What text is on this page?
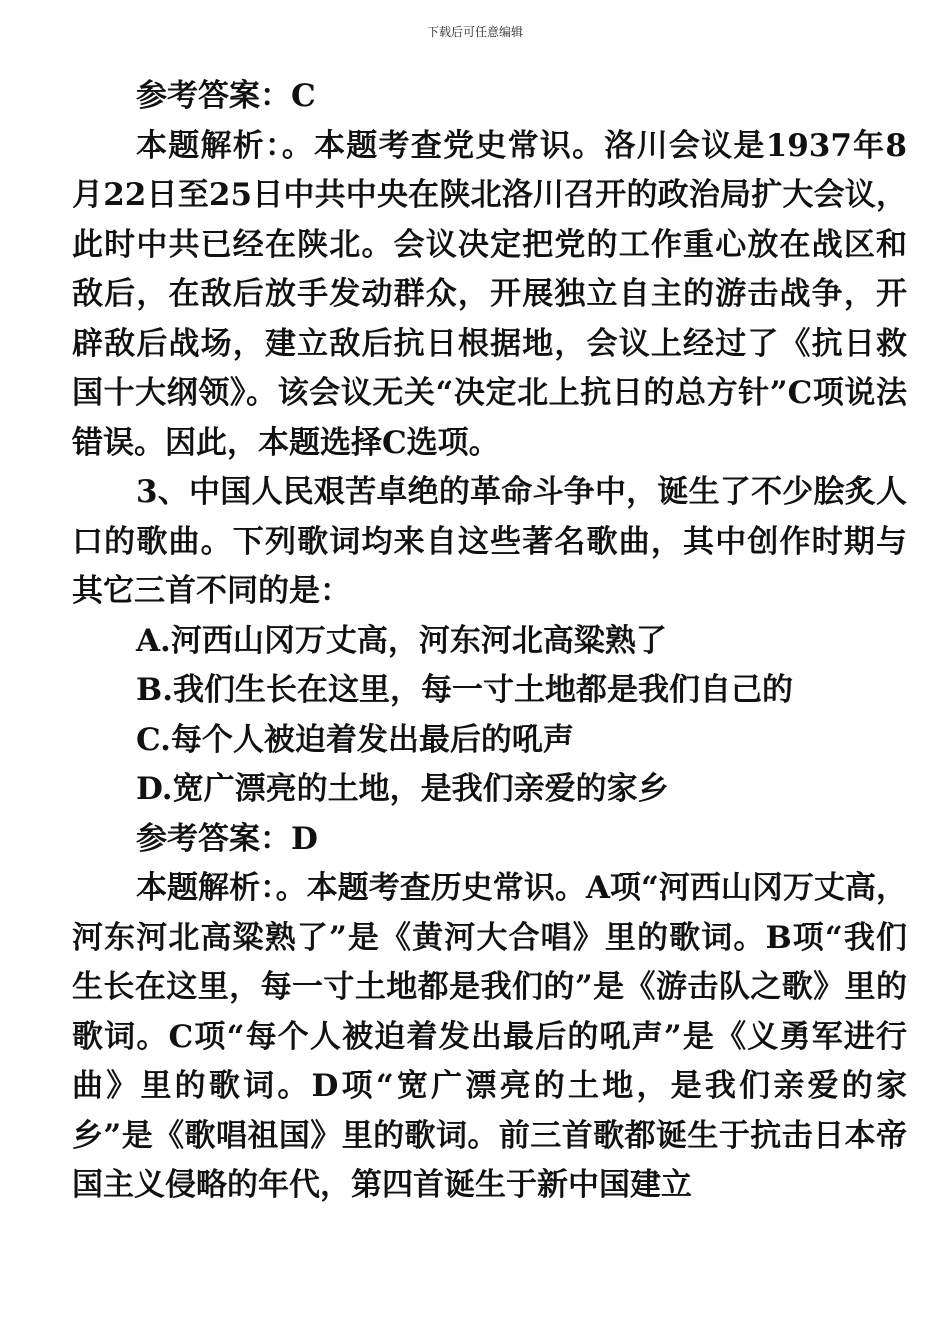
下载后可任意编辑

参考答案：C

本题解析：。本题考查党史常识。洛川会议是1937年8月22日至25日中共中央在陕北洛川召开的政治局扩大会议，此时中共已经在陕北。会议决定把党的工作重心放在战区和敌后，在敌后放手发动群众，开展独立自主的游击战争，开辟敌后战场，建立敌后抗日根据地，会议上经过了《抗日救国十大纲领》。该会议无关“决定北上抗日的总方针”C项说法错误。因此，本题选择C选项。

3、中国人民艰苦卓绝的革命斗争中，诞生了不少脍炙人口的歌曲。下列歌词均来自这些著名歌曲，其中创作时期与其它三首不同的是：

A.河西山冈万丈高，河东河北高粱熟了

B.我们生长在这里，每一寸土地都是我们自己的

C.每个人被迫着发出最后的吼声

D.宽广漂亮的土地，是我们亲爱的家乡

参考答案：D

本题解析：。本题考查历史常识。A项“河西山冈万丈高，河东河北高粱熟了”是《黄河大合唱》里的歌词。B项“我们生长在这里，每一寸土地都是我们的”是《游击队之歌》里的歌词。C项“每个人被迫着发出最后的吼声”是《义勇军进行曲》里的歌词。D项“宽广漂亮的土地，是我们亲爱的家乡”是《歌唱祖国》里的歌词。前三首歌都诞生于抗击日本帝国主义侵略的年代，第四首诞生于新中国建立
